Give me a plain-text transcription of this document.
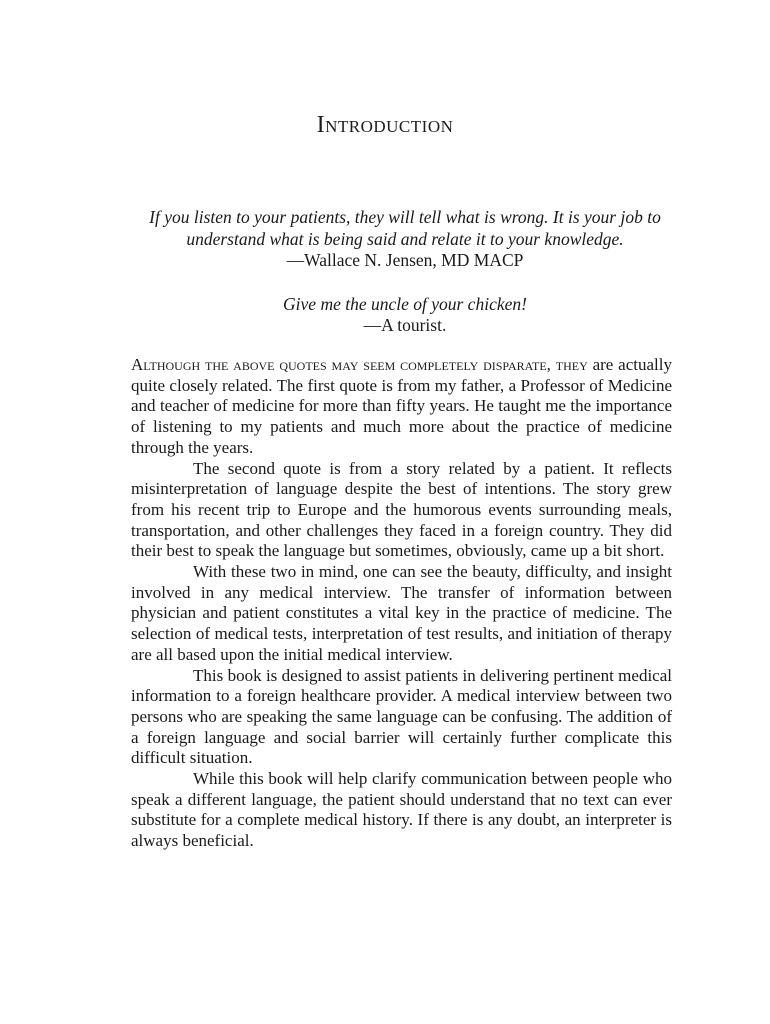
Introduction

If you listen to your patients, they will tell what is wrong. It is your job to understand what is being said and relate it to your knowledge.

—Wallace N. Jensen, MD MACP

Give me the uncle of your chicken!

—A tourist.

Although the above quotes may seem completely disparate, they are actually quite closely related. The first quote is from my father, a Professor of Medicine and teacher of medicine for more than fifty years. He taught me the importance of listening to my patients and much more about the practice of medicine through the years.

The second quote is from a story related by a patient. It reflects misinterpretation of language despite the best of intentions. The story grew from his recent trip to Europe and the humorous events surrounding meals, transportation, and other challenges they faced in a foreign country. They did their best to speak the language but sometimes, obviously, came up a bit short.

With these two in mind, one can see the beauty, difficulty, and insight involved in any medical interview. The transfer of information between physician and patient constitutes a vital key in the practice of medicine. The selection of medical tests, interpretation of test results, and initiation of therapy are all based upon the initial medical interview.

This book is designed to assist patients in delivering pertinent medical information to a foreign healthcare provider. A medical interview between two persons who are speaking the same language can be confusing. The addition of a foreign language and social barrier will certainly further complicate this difficult situation.

While this book will help clarify communication between people who speak a different language, the patient should understand that no text can ever substitute for a complete medical history. If there is any doubt, an interpreter is always beneficial.
